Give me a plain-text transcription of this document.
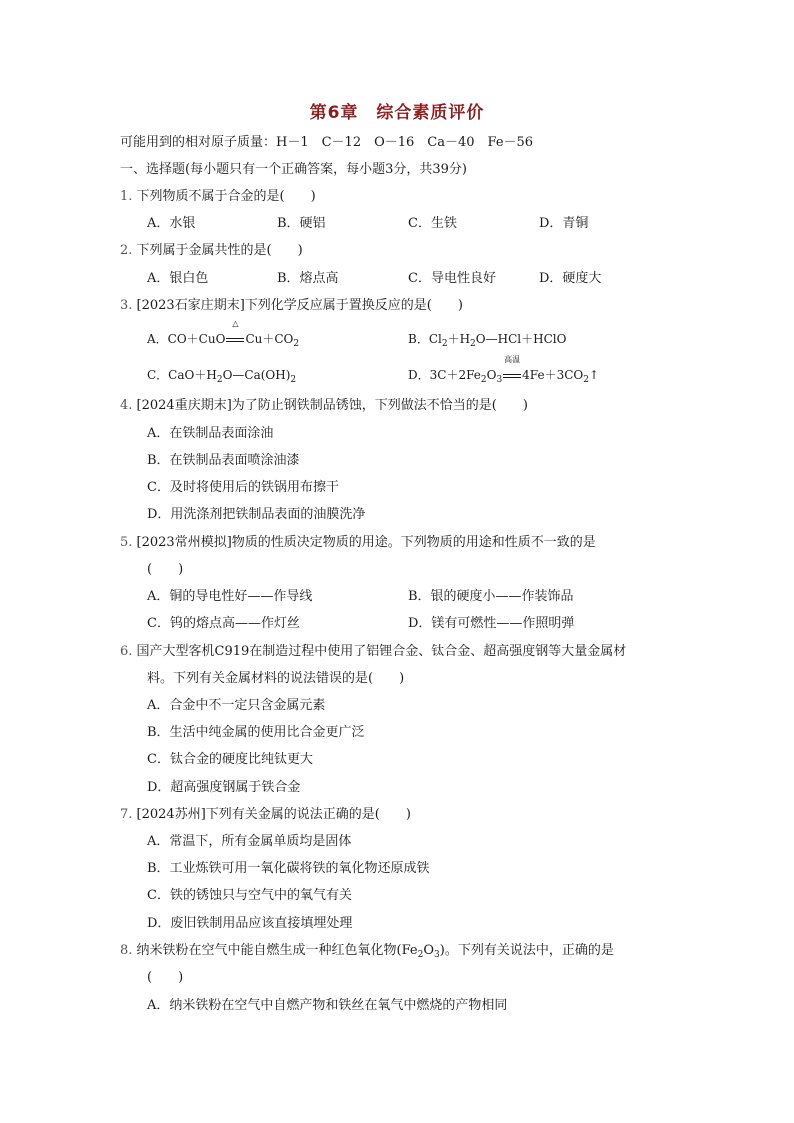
第6章　综合素质评价
可能用到的相对原子质量：H－1　C－12　O－16　Ca－40　Fe－56
一、选择题(每小题只有一个正确答案，每小题3分，共39分)
1. 下列物质不属于合金的是(　　)
A．水银	B．硬铝	C．生铁	D．青铜
2. 下列属于金属共性的是(　　)
A．银白色	B．熔点高	C．导电性良好	D．硬度大
3. [2023石家庄期末]下列化学反应属于置换反应的是(　　)
A．CO＋CuO
△
$Cu+CO_2$	B．$Cl_2+H_2O—HCl+HClO$
C．$CaO+H_2O—Ca(OH)_2$	D．$3C+2Fe_2O_3$
高温
$4Fe+3CO_2↑$
4. [2024重庆期末]为了防止钢铁制品锈蚀，下列做法不恰当的是(　　)
A．在铁制品表面涂油
B．在铁制品表面喷涂油漆
C．及时将使用后的铁锅用布擦干
D．用洗涤剂把铁制品表面的油膜洗净
5. [2023常州模拟]物质的性质决定物质的用途。下列物质的用途和性质不一致的是
(　　)
A．铜的导电性好——作导线	B．银的硬度小——作装饰品
C．钨的熔点高——作灯丝	D．镁有可燃性——作照明弹
6. 国产大型客机C919在制造过程中使用了铝锂合金、钛合金、超高强度钢等大量金属材
料。下列有关金属材料的说法错误的是(　　)
A．合金中不一定只含金属元素
B．生活中纯金属的使用比合金更广泛
C．钛合金的硬度比纯钛更大
D．超高强度钢属于铁合金
7. [2024苏州]下列有关金属的说法正确的是(　　)
A．常温下，所有金属单质均是固体
B．工业炼铁可用一氧化碳将铁的氧化物还原成铁
C．铁的锈蚀只与空气中的氧气有关
D．废旧铁制用品应该直接填埋处理
8. 纳米铁粉在空气中能自燃生成一种红色氧化物$(Fe_2O_3)$。下列有关说法中，正确的是
(　　)
A．纳米铁粉在空气中自燃产物和铁丝在氧气中燃烧的产物相同
